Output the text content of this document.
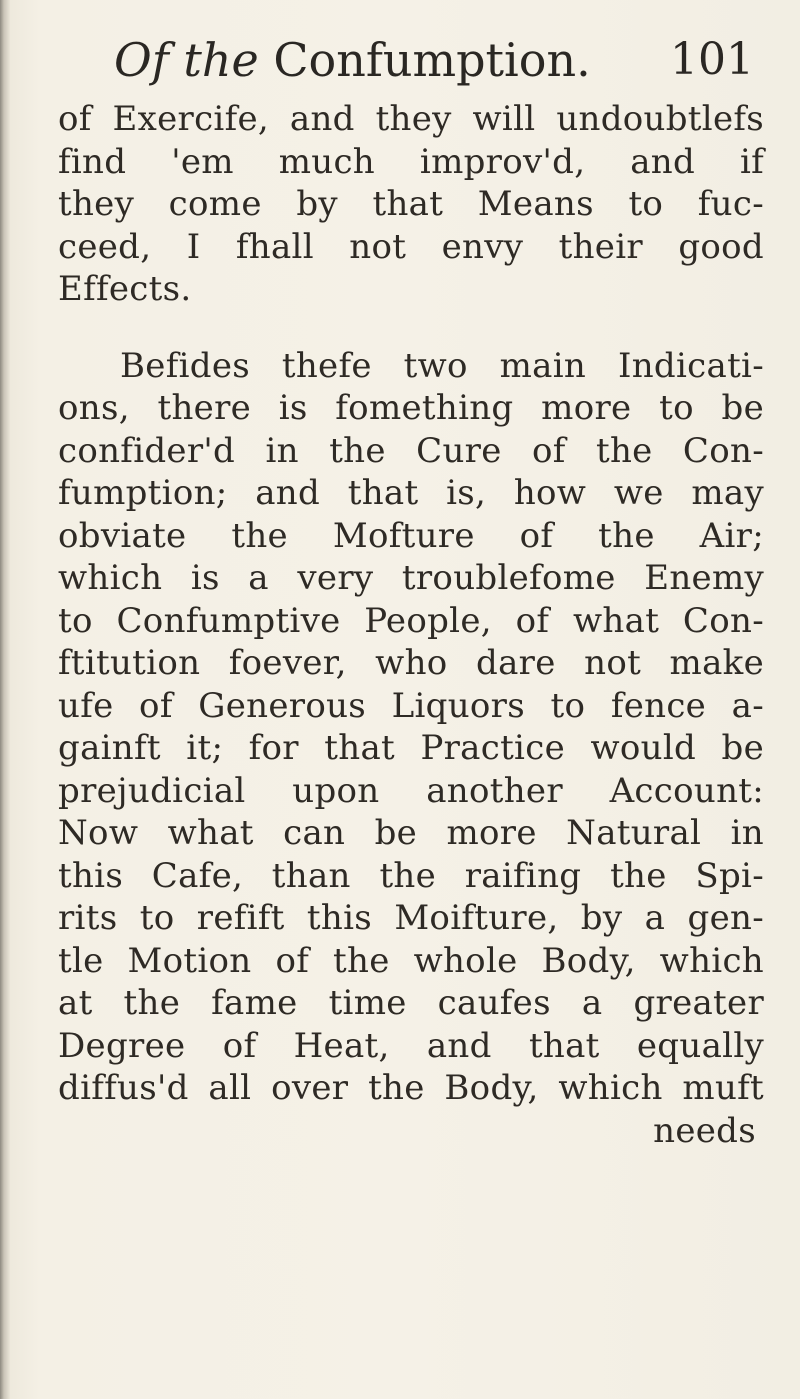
Of the Confumption. 101
of Exercife, and they will undoubtlefs
find 'em much improv'd, and if
they come by that Means to fuc-
ceed, I fhall not envy their good
Effects.
Befides thefe two main Indicati-
ons, there is fomething more to be
confider'd in the Cure of the Con-
fumption; and that is, how we may
obviate the Mofture of the Air;
which is a very troublefome Enemy
to Confumptive People, of what Con-
ftitution foever, who dare not make
ufe of Generous Liquors to fence a-
gainft it; for that Practice would be
prejudicial upon another Account:
Now what can be more Natural in
this Cafe, than the raifing the Spi-
rits to refift this Moifture, by a gen-
tle Motion of the whole Body, which
at the fame time caufes a greater
Degree of Heat, and that equally
diffus'd all over the Body, which muft
needs
